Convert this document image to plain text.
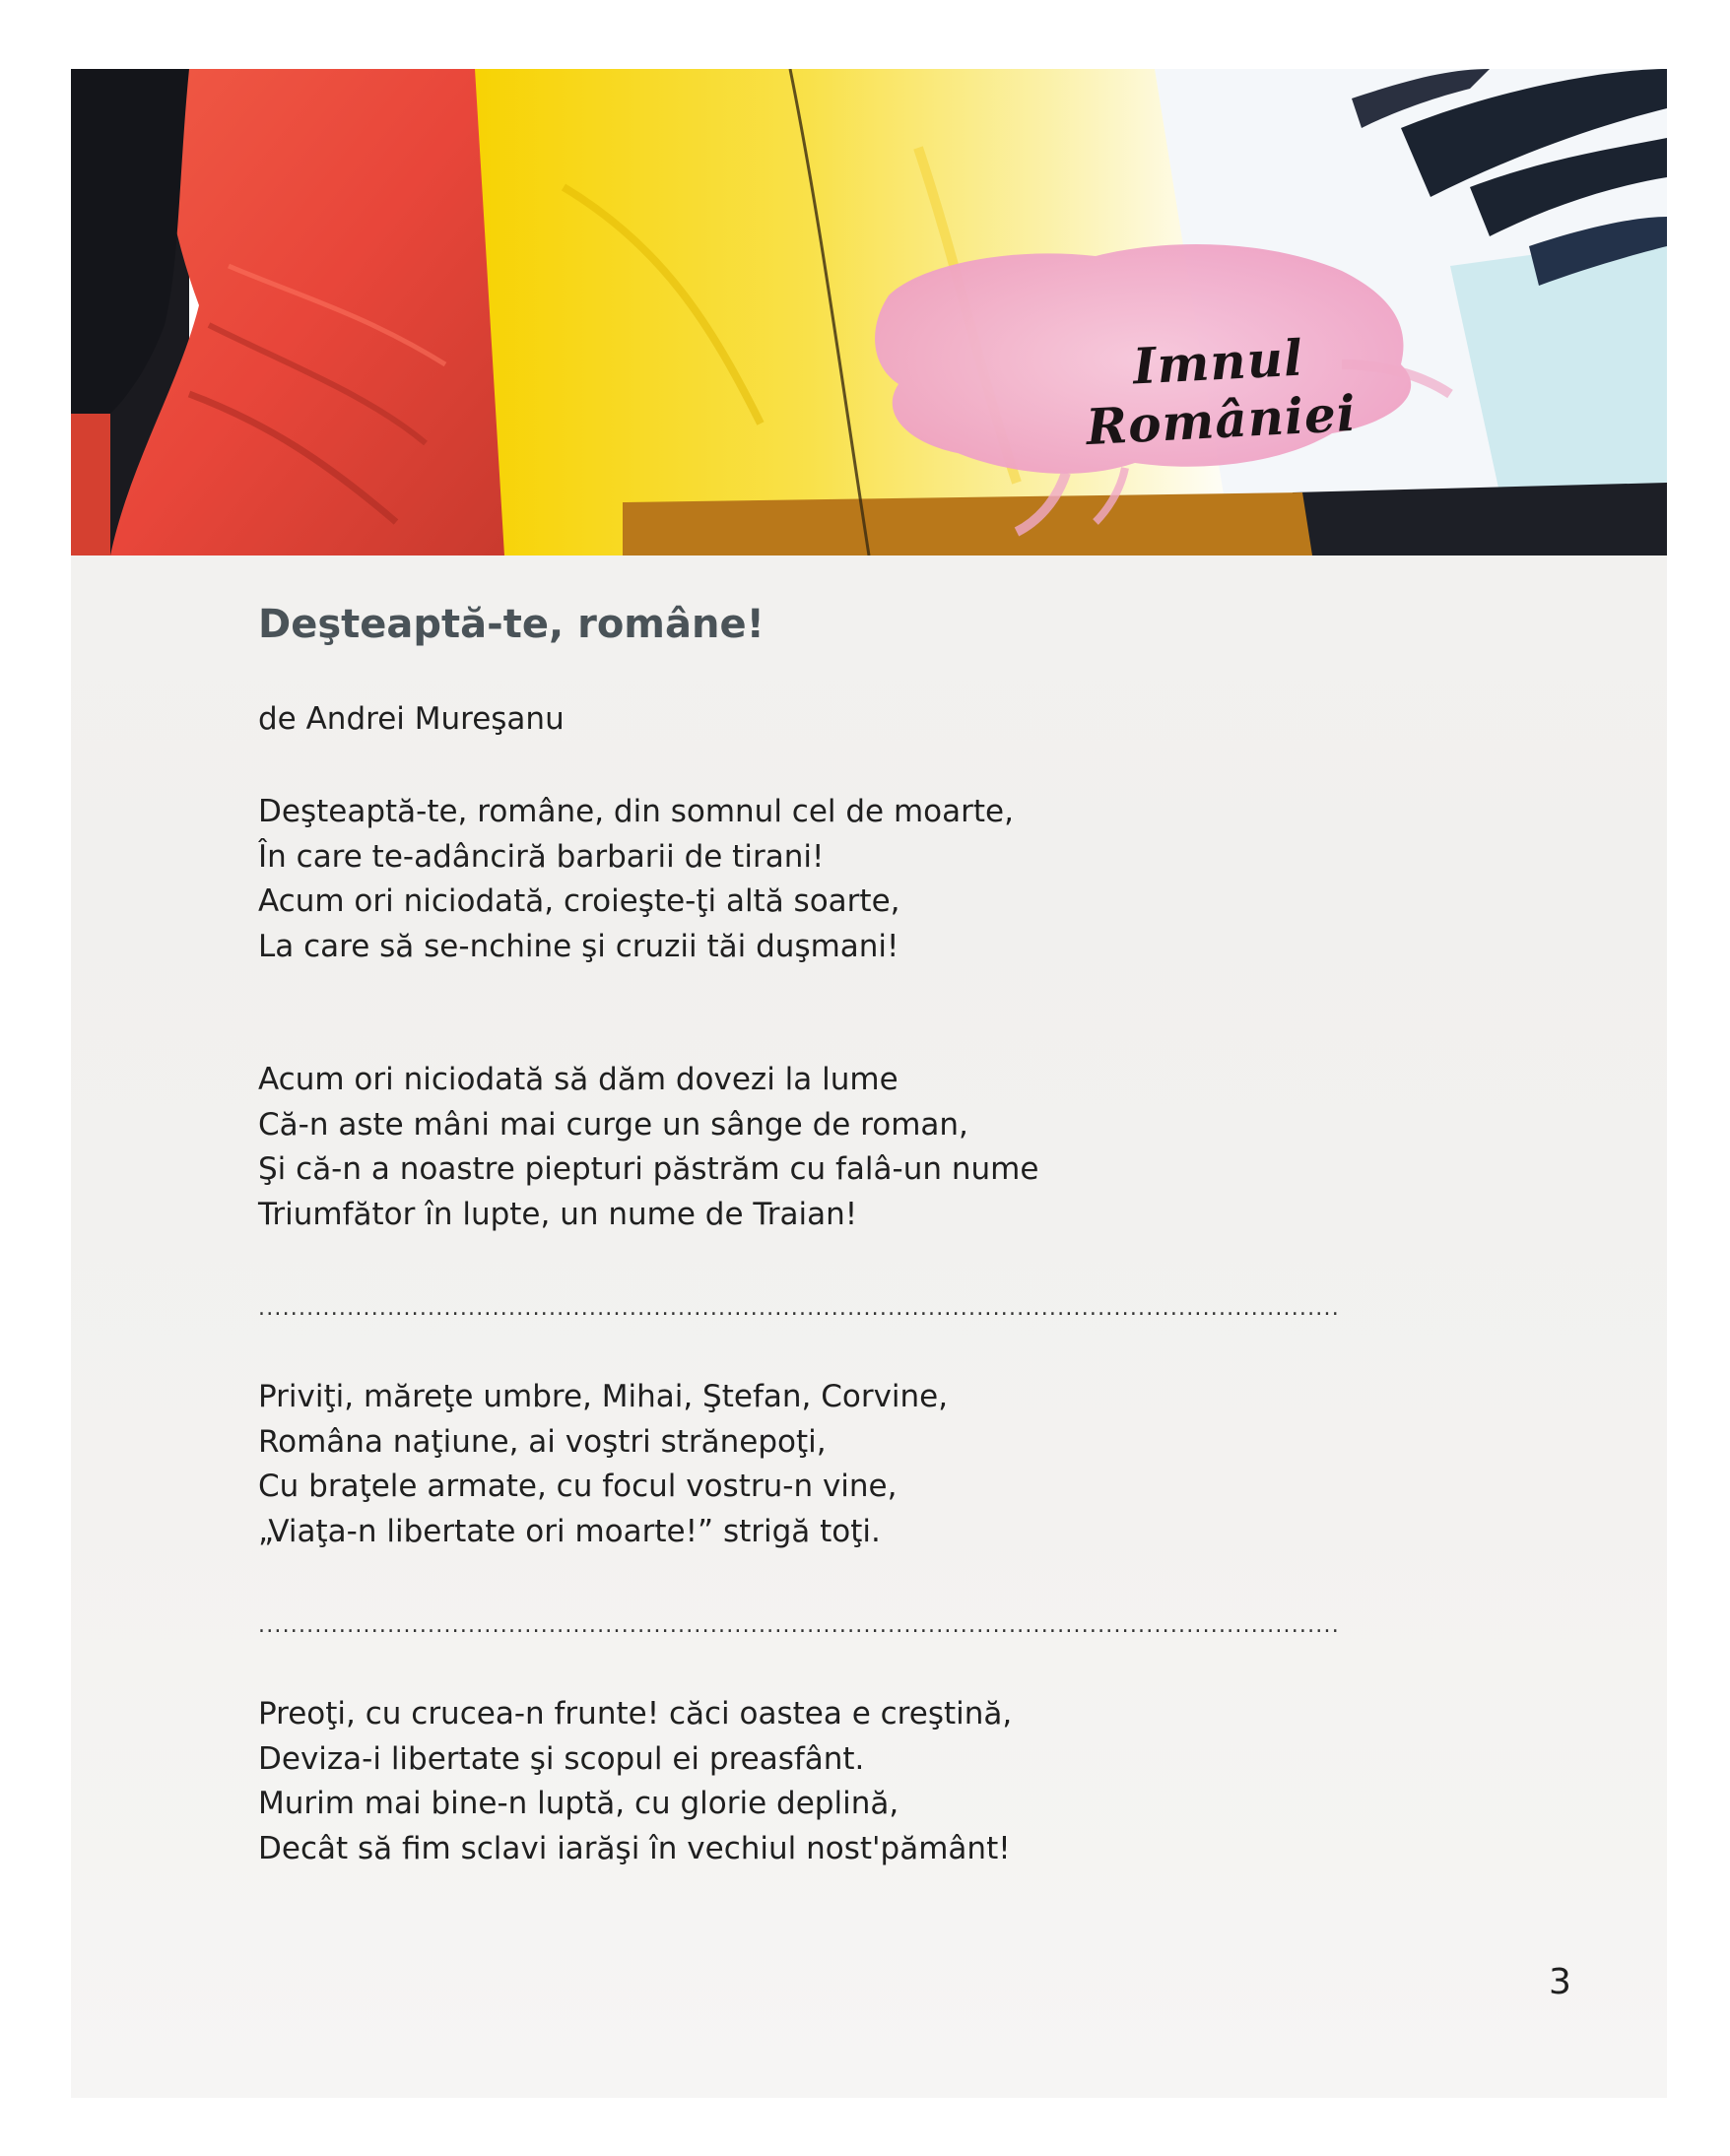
Imnul României
Deşteaptă-te, române!

de Andrei Mureşanu

Deşteaptă-te, române, din somnul cel de moarte,
În care te-adânciră barbarii de tirani!
Acum ori niciodată, croieşte-ţi altă soarte,
La care să se-nchine şi cruzii tăi duşmani!
Acum ori niciodată să dăm dovezi la lume
Că-n aste mâni mai curge un sânge de roman,
Şi că-n a noastre piepturi păstrăm cu falâ-un nume
Triumfător în lupte, un nume de Traian!
......................................................................................................................................
Priviţi, măreţe umbre, Mihai, Ştefan, Corvine,
Românа naţiune, ai voştri strănepoţi,
Cu braţele armate, cu focul vostru-n vine,
„Viaţa-n libertate ori moarte!” strigă toţi.
......................................................................................................................................
Preoţi, cu crucea-n frunte! căci oastea e creştină,
Deviza-i libertate şi scopul ei preasfânt.
Murim mai bine-n luptă, cu glorie deplină,
Decât să fim sclavi iarăşi în vechiul nost'pământ!
3
